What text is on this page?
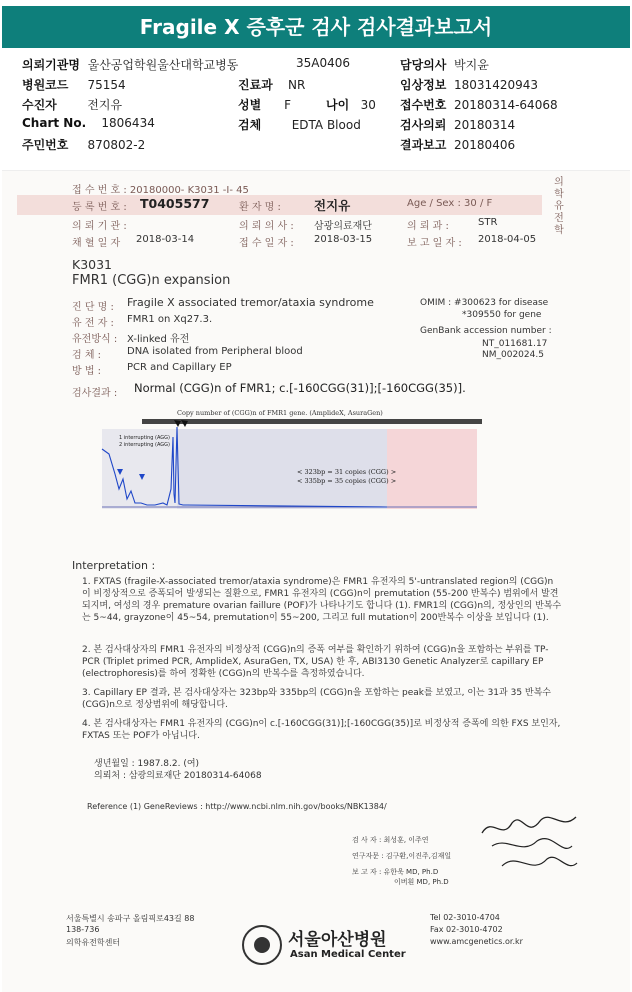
Fragile X 증후군 검사 검사결과보고서
의뢰기관명 울산공업학원울산대학교병동	35A0406	담당의사 박지윤
병원코드 75154	진료과 NR	임상정보 18031420943
수진자	전지유	성별 F	나이 30 접수번호 20180314-64068
Chart No. 1806434	검체	EDTA Blood	검사의뢰 20180314
주민번호 870802-2	결과보고 20180406
의학유전학
접 수 번 호 : 20180000- K3031 -I- 45
등 록 번 호 : T0405577	환 자 명 :	전지유	Age / Sex : 30 / F
의 뢰 기 관 :	의 뢰 의 사 : 삼광의료재단	의 뢰 과 :	STR
채 혈 일 자 2018-03-14	접 수 일 자 : 2018-03-15	보 고 일 자 : 2018-04-05
K3031
FMR1 (CGG)n expansion
진 단 명 : Fragile X associated tremor/ataxia syndrome
유 전 자 : FMR1 on Xq27.3.
유전방식 : X-linked 유전
검 체 :	DNA isolated from Peripheral blood
방 법 :	PCR and Capillary EP
OMIM : #300623 for disease
*309550 for gene
GenBank accession number :
NT_011681.17
NM_002024.5
검사결과 : Normal (CGG)n of FMR1; c.[-160CGG(31)];[-160CGG(35)].
Copy number of (CGG)n of FMR1 gene. (AmplideX, AsuraGen)
1 interrupting (AGG)
2 interrupting (AGG)
< 323bp = 31 copies (CGG) >
< 335bp = 35 copies (CGG) >
Interpretation :
1. FXTAS (fragile-X-associated tremor/ataxia syndrome)은 FMR1 유전자의 5'-untranslated region의 (CGG)n 이 비정상적으로 증폭되어 발생되는 질환으로, FMR1 유전자의 (CGG)n이 premutation (55-200 반복수) 범위에서 발견되지며, 여성의 경우 premature ovarian faillure (POF)가 나타나기도 합니다 (1). FMR1의 (CGG)n의, 정상인의 반복수는 5~44, grayzone이 45~54, premutation이 55~200, 그리고 full mutation이 200반복수 이상을 보입니다 (1).
2. 본 검사대상자의 FMR1 유전자의 비정상적 (CGG)n의 증폭 여부를 확인하기 위하여 (CGG)n을 포함하는 부위를 TP-PCR (Triplet primed PCR, AmplideX, AsuraGen, TX, USA) 한 후, ABI3130 Genetic Analyzer로 capillary EP (electrophoresis)를 하여 정확한 (CGG)n의 반복수를 측정하였습니다.
3. Capillary EP 결과, 본 검사대상자는 323bp와 335bp의 (CGG)n을 포함하는 peak를 보였고, 이는 31과 35 반복수 (CGG)n으로 정상범위에 해당합니다.
4. 본 검사대상자는 FMR1 유전자의 (CGG)n이 c.[-160CGG(31)];[-160CGG(35)]로 비정상적 증폭에 의한 FXS 보인자, FXTAS 또는 POF가 아닙니다.
생년월일 : 1987.8.2. (여)
의뢰처 : 삼광의료재단 20180314-64068
Reference (1) GeneReviews : http://www.ncbi.nlm.nih.gov/books/NBK1384/
검 사 자 : 최성훈, 이주연
연구자문 : 김구환,이진주,김재일
보 고 자 : 유한욱 MD, Ph.D
이버흰 MD, Ph.D
서울특별시 송파구 올림픽로43길 88
138-736
의학유전학센터	서울아산병원
Asan Medical Center
Tel 02-3010-4704
Fax 02-3010-4702
www.amcgenetics.or.kr
